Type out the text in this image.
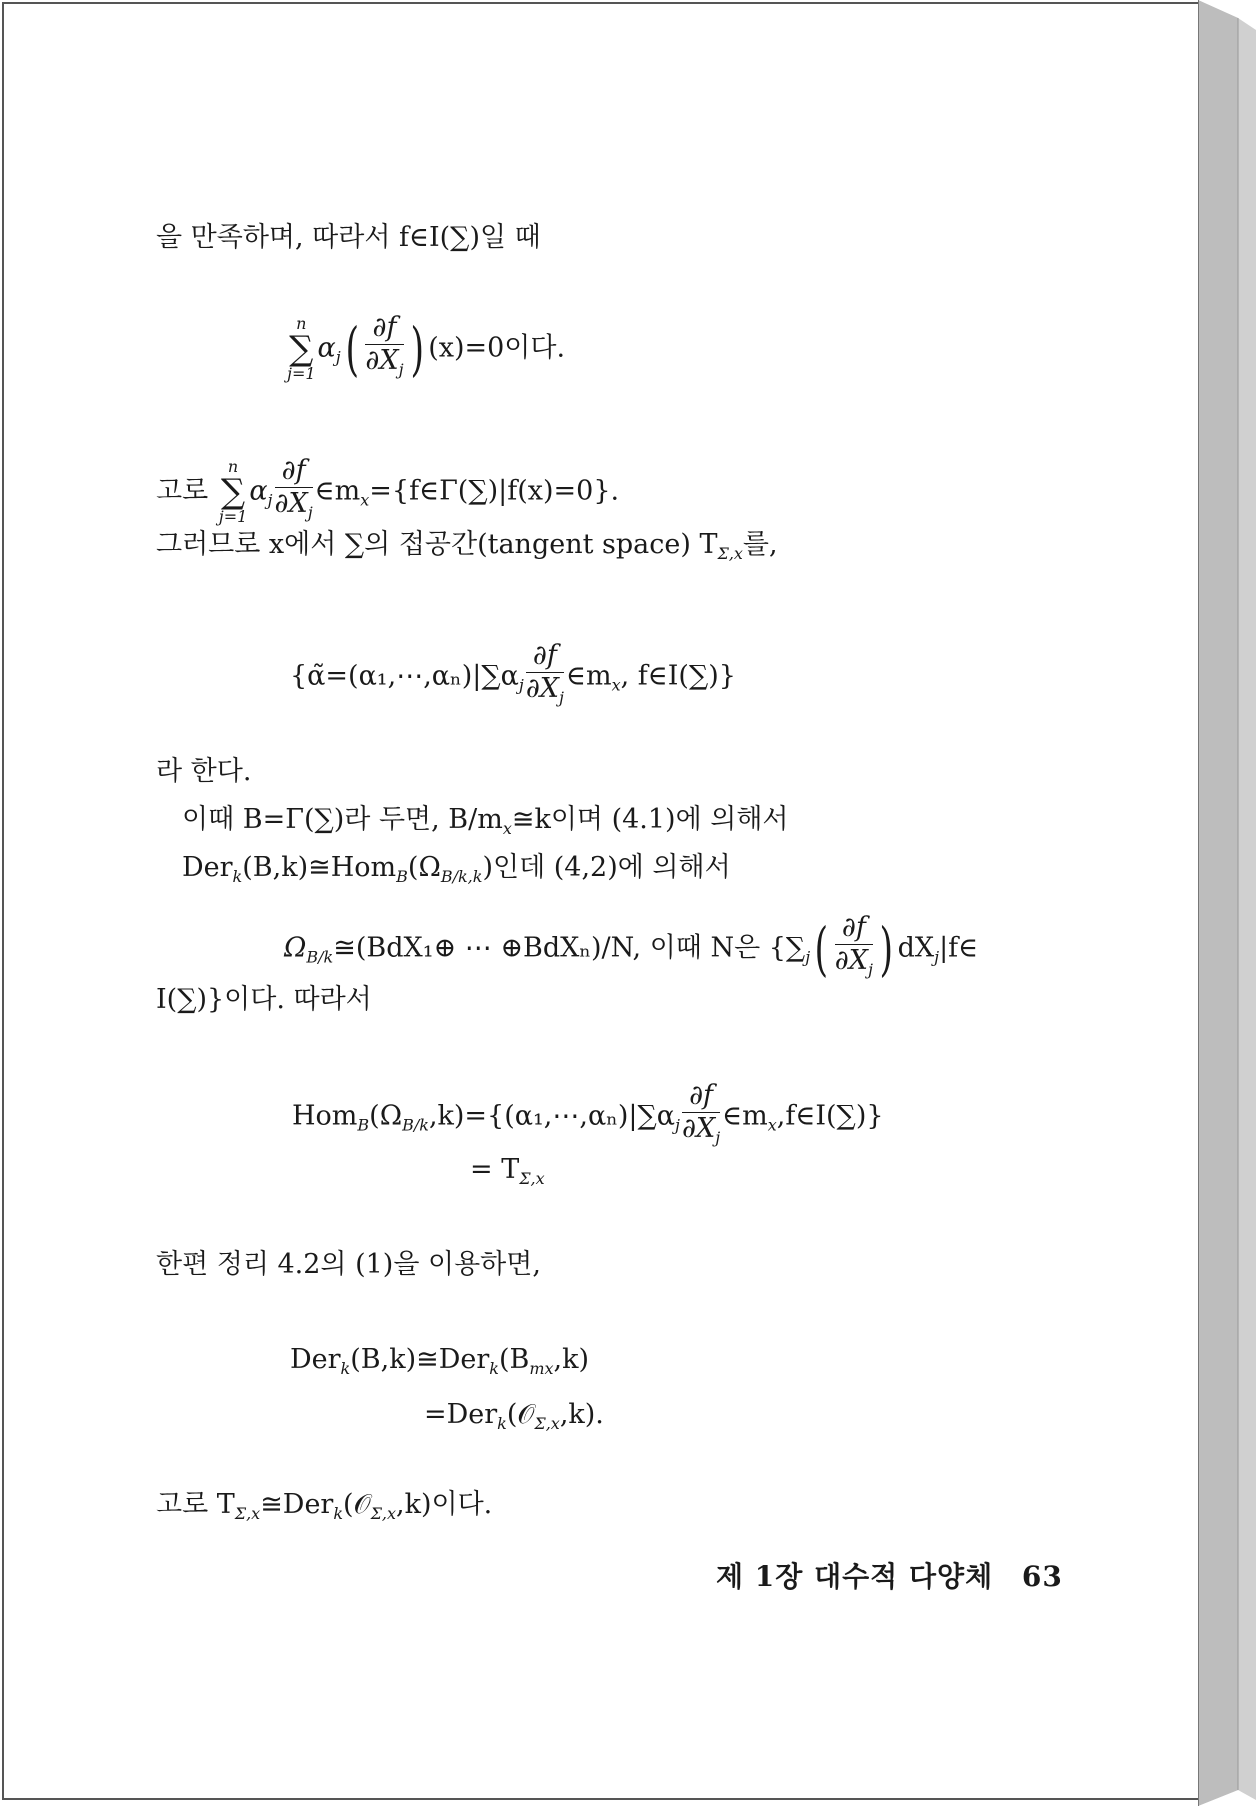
을 만족하며, 따라서 f∈I(∑)일 때
n
∑
j=1
$\alpha_j( \frac{\partial f}{\partial X_j}$ ) (x)=0이다.
고로
n
∑
j=1
$\alpha_j \frac{\partial f}{\partial X_j}$ $\in m_x=\{f\in\Gamma(\sum)|f(x)=0\}$.
그러므로 x에서 ∑의 접공간(tangent space) $T_{\Sigma,x}$를,
{$\alphã=(\alpha_1,\cdots,\alpha_n)|\sum\alpha_j \frac{\partial f}{\partial X_j}$ $\in m_x$, f∈I(∑)}
라 한다.
이때 B=Γ(∑)라 두면, $B/m_x≅k$이며 (4.1)에 의해서
$Der_k(B,k)≅Hom_B(\Omega_{B/k,k})$인데 (4,2)에 의해서
$\Omega_{B/k}≅(BdX_1\oplus$ ⋯ ⊕BdXₙ)/N, 이때 N은 {$\sum_j( \frac{\partial f}{\partial X_j}$ ) $dX_j|f\in$
I(∑)}이다. 따라서
$Hom_B(\Omega_{B/k},k)=\{(\alpha_1,\cdots,\alpha_n)|\sum\alpha_j \frac{\partial f}{\partial X_j}$ $\in m_x,f\in I(\sum)$}
= $T_{\Sigma,x}$
한편 정리 4.2의 (1)을 이용하면,
$Der_k(B,k)≅Der_k(B_{mx},k)$
=Der$_k$(𝒪$_{\Sigma,x}$,k).
고로 $T_{\Sigma,x}≅Der_k(𝒪_{\Sigma,x},k)$이다.
제 1장 대수적 다양체 63
